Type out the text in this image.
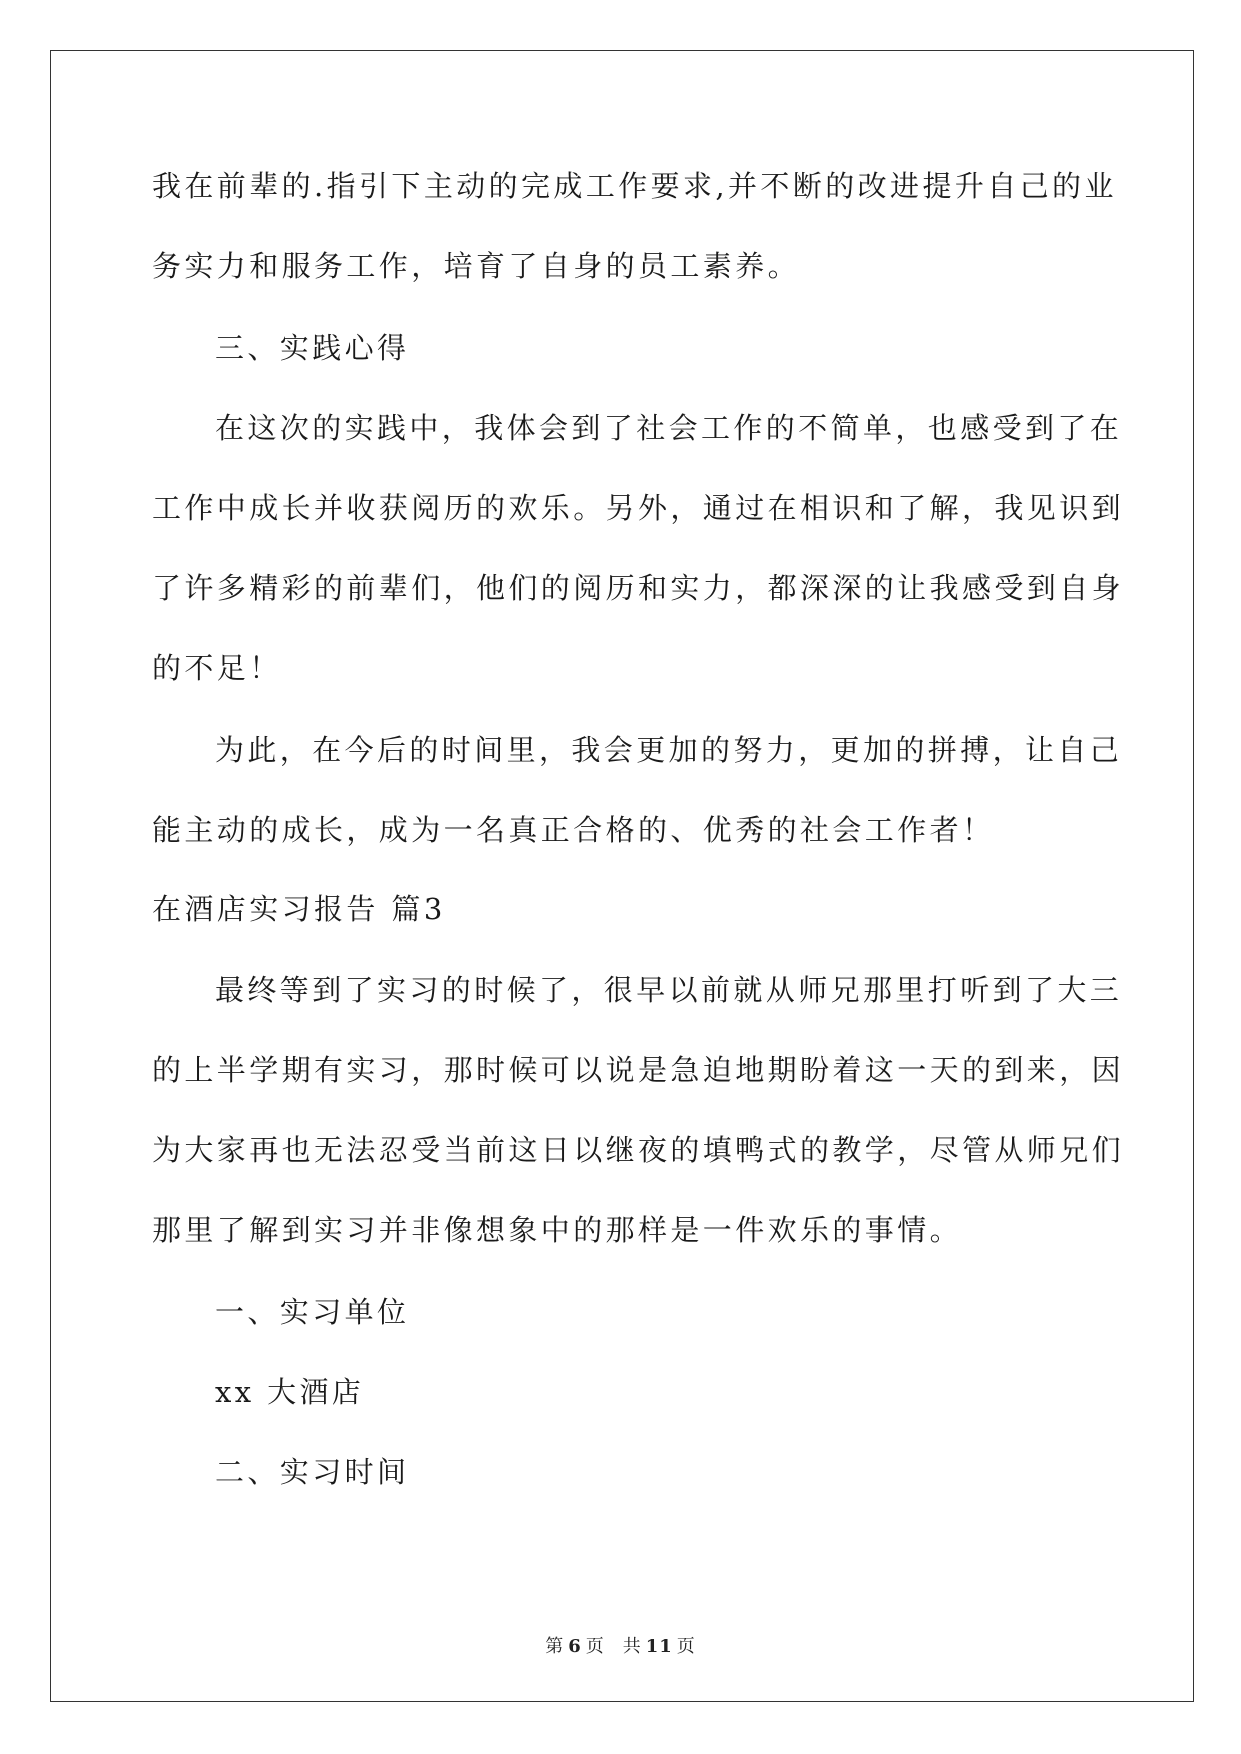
我在前辈的.指引下主动的完成工作要求,并不断的改进提升自己的业
务实力和服务工作，培育了自身的员工素养。
三、实践心得
在这次的实践中，我体会到了社会工作的不简单，也感受到了在
工作中成长并收获阅历的欢乐。另外，通过在相识和了解，我见识到
了许多精彩的前辈们，他们的阅历和实力，都深深的让我感受到自身
的不足！
为此，在今后的时间里，我会更加的努力，更加的拼搏，让自己
能主动的成长，成为一名真正合格的、优秀的社会工作者！
在酒店实习报告 篇3
最终等到了实习的时候了，很早以前就从师兄那里打听到了大三
的上半学期有实习，那时候可以说是急迫地期盼着这一天的到来，因
为大家再也无法忍受当前这日以继夜的填鸭式的教学，尽管从师兄们
那里了解到实习并非像想象中的那样是一件欢乐的事情。
一、实习单位
xx 大酒店
二、实习时间
第 6 页 共 11 页
